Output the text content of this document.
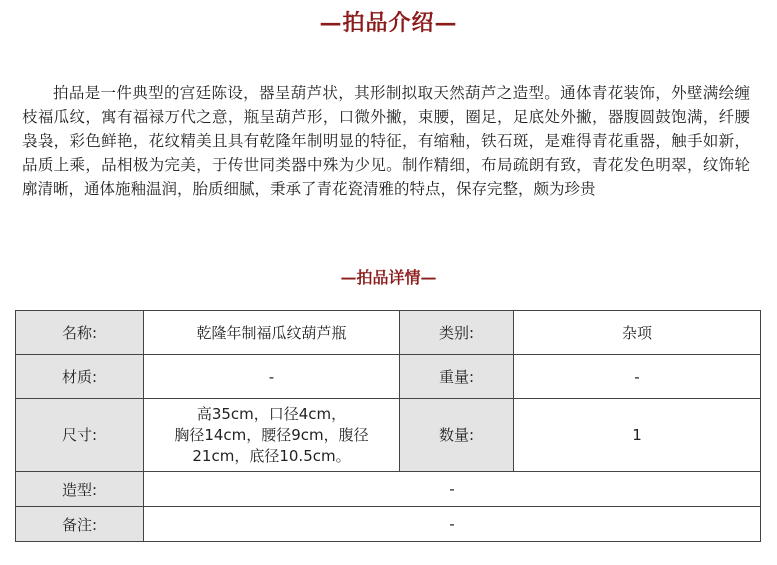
—拍品介绍—

拍品是一件典型的宫廷陈设，器呈葫芦状，其形制拟取天然葫芦之造型。通体青花装饰，外壁满绘缠枝福瓜纹，寓有福禄万代之意，瓶呈葫芦形，口微外撇，束腰，圈足，足底处外撇，器腹圆鼓饱满，纤腰袅袅，彩色鲜艳，花纹精美且具有乾隆年制明显的特征，有缩釉，铁石斑，是难得青花重器，触手如新，品质上乘，品相极为完美，于传世同类器中殊为少见。制作精细，布局疏朗有致，青花发色明翠，纹饰轮廓清晰，通体施釉温润，胎质细腻，秉承了青花瓷清雅的特点，保存完整，颇为珍贵

—拍品详情—
名称:	乾隆年制福瓜纹葫芦瓶	类别:	杂项
材质:	-	重量:	-
尺寸:	高35cm，口径4cm，
胸径14cm，腰径9cm，腹径
21cm，底径10.5cm。	数量:	1
造型:	-		
备注:	-		
